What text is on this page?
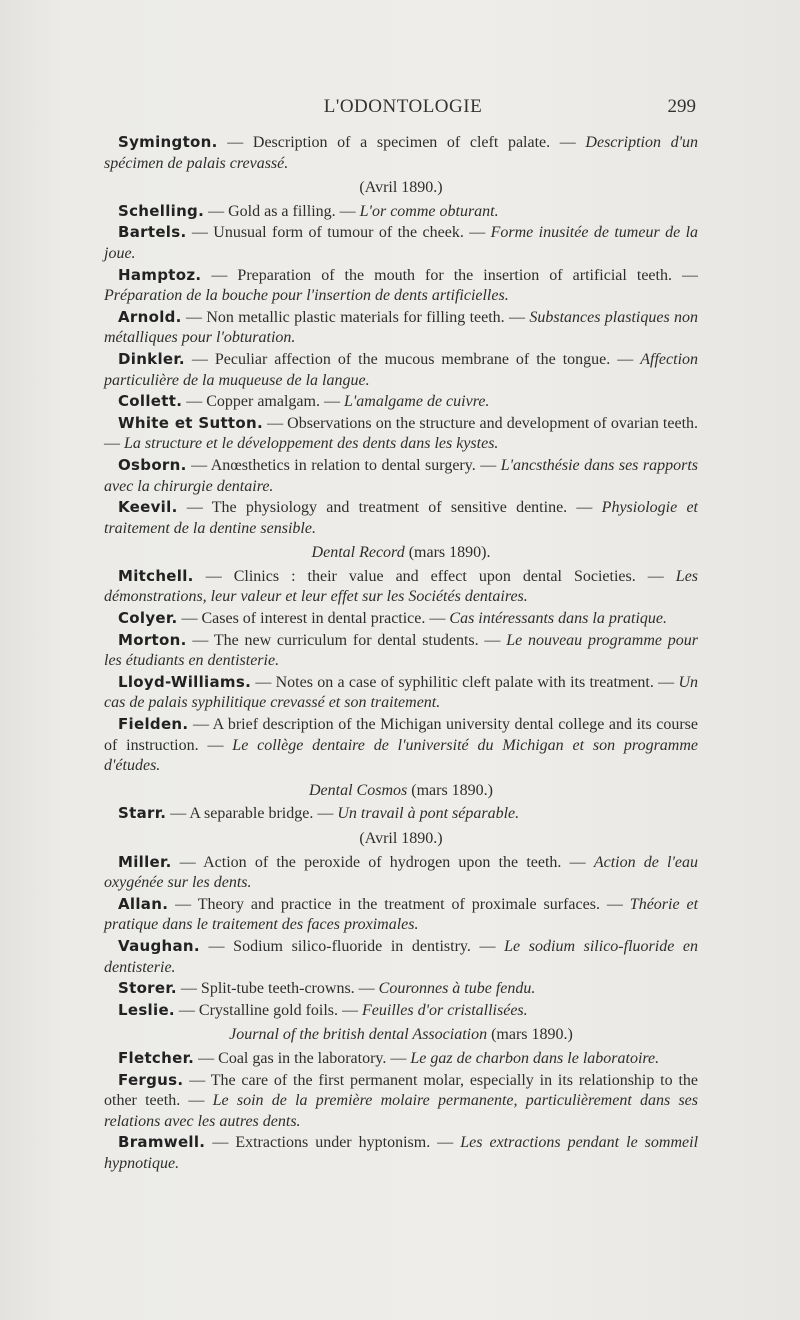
L'ODONTOLOGIE	299

Symington. — Description of a specimen of cleft palate. — Description d'un spécimen de palais crevassé.

(Avril 1890.)

Schelling. — Gold as a filling. — L'or comme obturant.

Bartels. — Unusual form of tumour of the cheek. — Forme inusitée de tumeur de la joue.

Hamptoz. — Preparation of the mouth for the insertion of artificial teeth. — Préparation de la bouche pour l'insertion de dents artificielles.

Arnold. — Non metallic plastic materials for filling teeth. — Substances plastiques non métalliques pour l'obturation.

Dinkler. — Peculiar affection of the mucous membrane of the tongue. — Affection particulière de la muqueuse de la langue.

Collett. — Copper amalgam. — L'amalgame de cuivre.

White et Sutton. — Observations on the structure and development of ovarian teeth. — La structure et le développement des dents dans les kystes.

Osborn. — Anœsthetics in relation to dental surgery. — L'ancsthésie dans ses rapports avec la chirurgie dentaire.

Keevil. — The physiology and treatment of sensitive dentine. — Physiologie et traitement de la dentine sensible.

Dental Record (mars 1890).

Mitchell. — Clinics : their value and effect upon dental Societies. — Les démonstrations, leur valeur et leur effet sur les Sociétés dentaires.

Colyer. — Cases of interest in dental practice. — Cas intéressants dans la pratique.

Morton. — The new curriculum for dental students. — Le nouveau programme pour les étudiants en dentisterie.

Lloyd-Williams. — Notes on a case of syphilitic cleft palate with its treatment. — Un cas de palais syphilitique crevassé et son traitement.

Fielden. — A brief description of the Michigan university dental college and its course of instruction. — Le collège dentaire de l'université du Michigan et son programme d'études.

Dental Cosmos (mars 1890.)

Starr. — A separable bridge. — Un travail à pont séparable.

(Avril 1890.)

Miller. — Action of the peroxide of hydrogen upon the teeth. — Action de l'eau oxygénée sur les dents.

Allan. — Theory and practice in the treatment of proximale surfaces. — Théorie et pratique dans le traitement des faces proximales.

Vaughan. — Sodium silico-fluoride in dentistry. — Le sodium silico-fluoride en dentisterie.

Storer. — Split-tube teeth-crowns. — Couronnes à tube fendu.

Leslie. — Crystalline gold foils. — Feuilles d'or cristallisées.

Journal of the british dental Association (mars 1890.)

Fletcher. — Coal gas in the laboratory. — Le gaz de charbon dans le laboratoire.

Fergus. — The care of the first permanent molar, especially in its relationship to the other teeth. — Le soin de la première molaire permanente, particulièrement dans ses relations avec les autres dents.

Bramwell. — Extractions under hyptonism. — Les extractions pendant le sommeil hypnotique.
